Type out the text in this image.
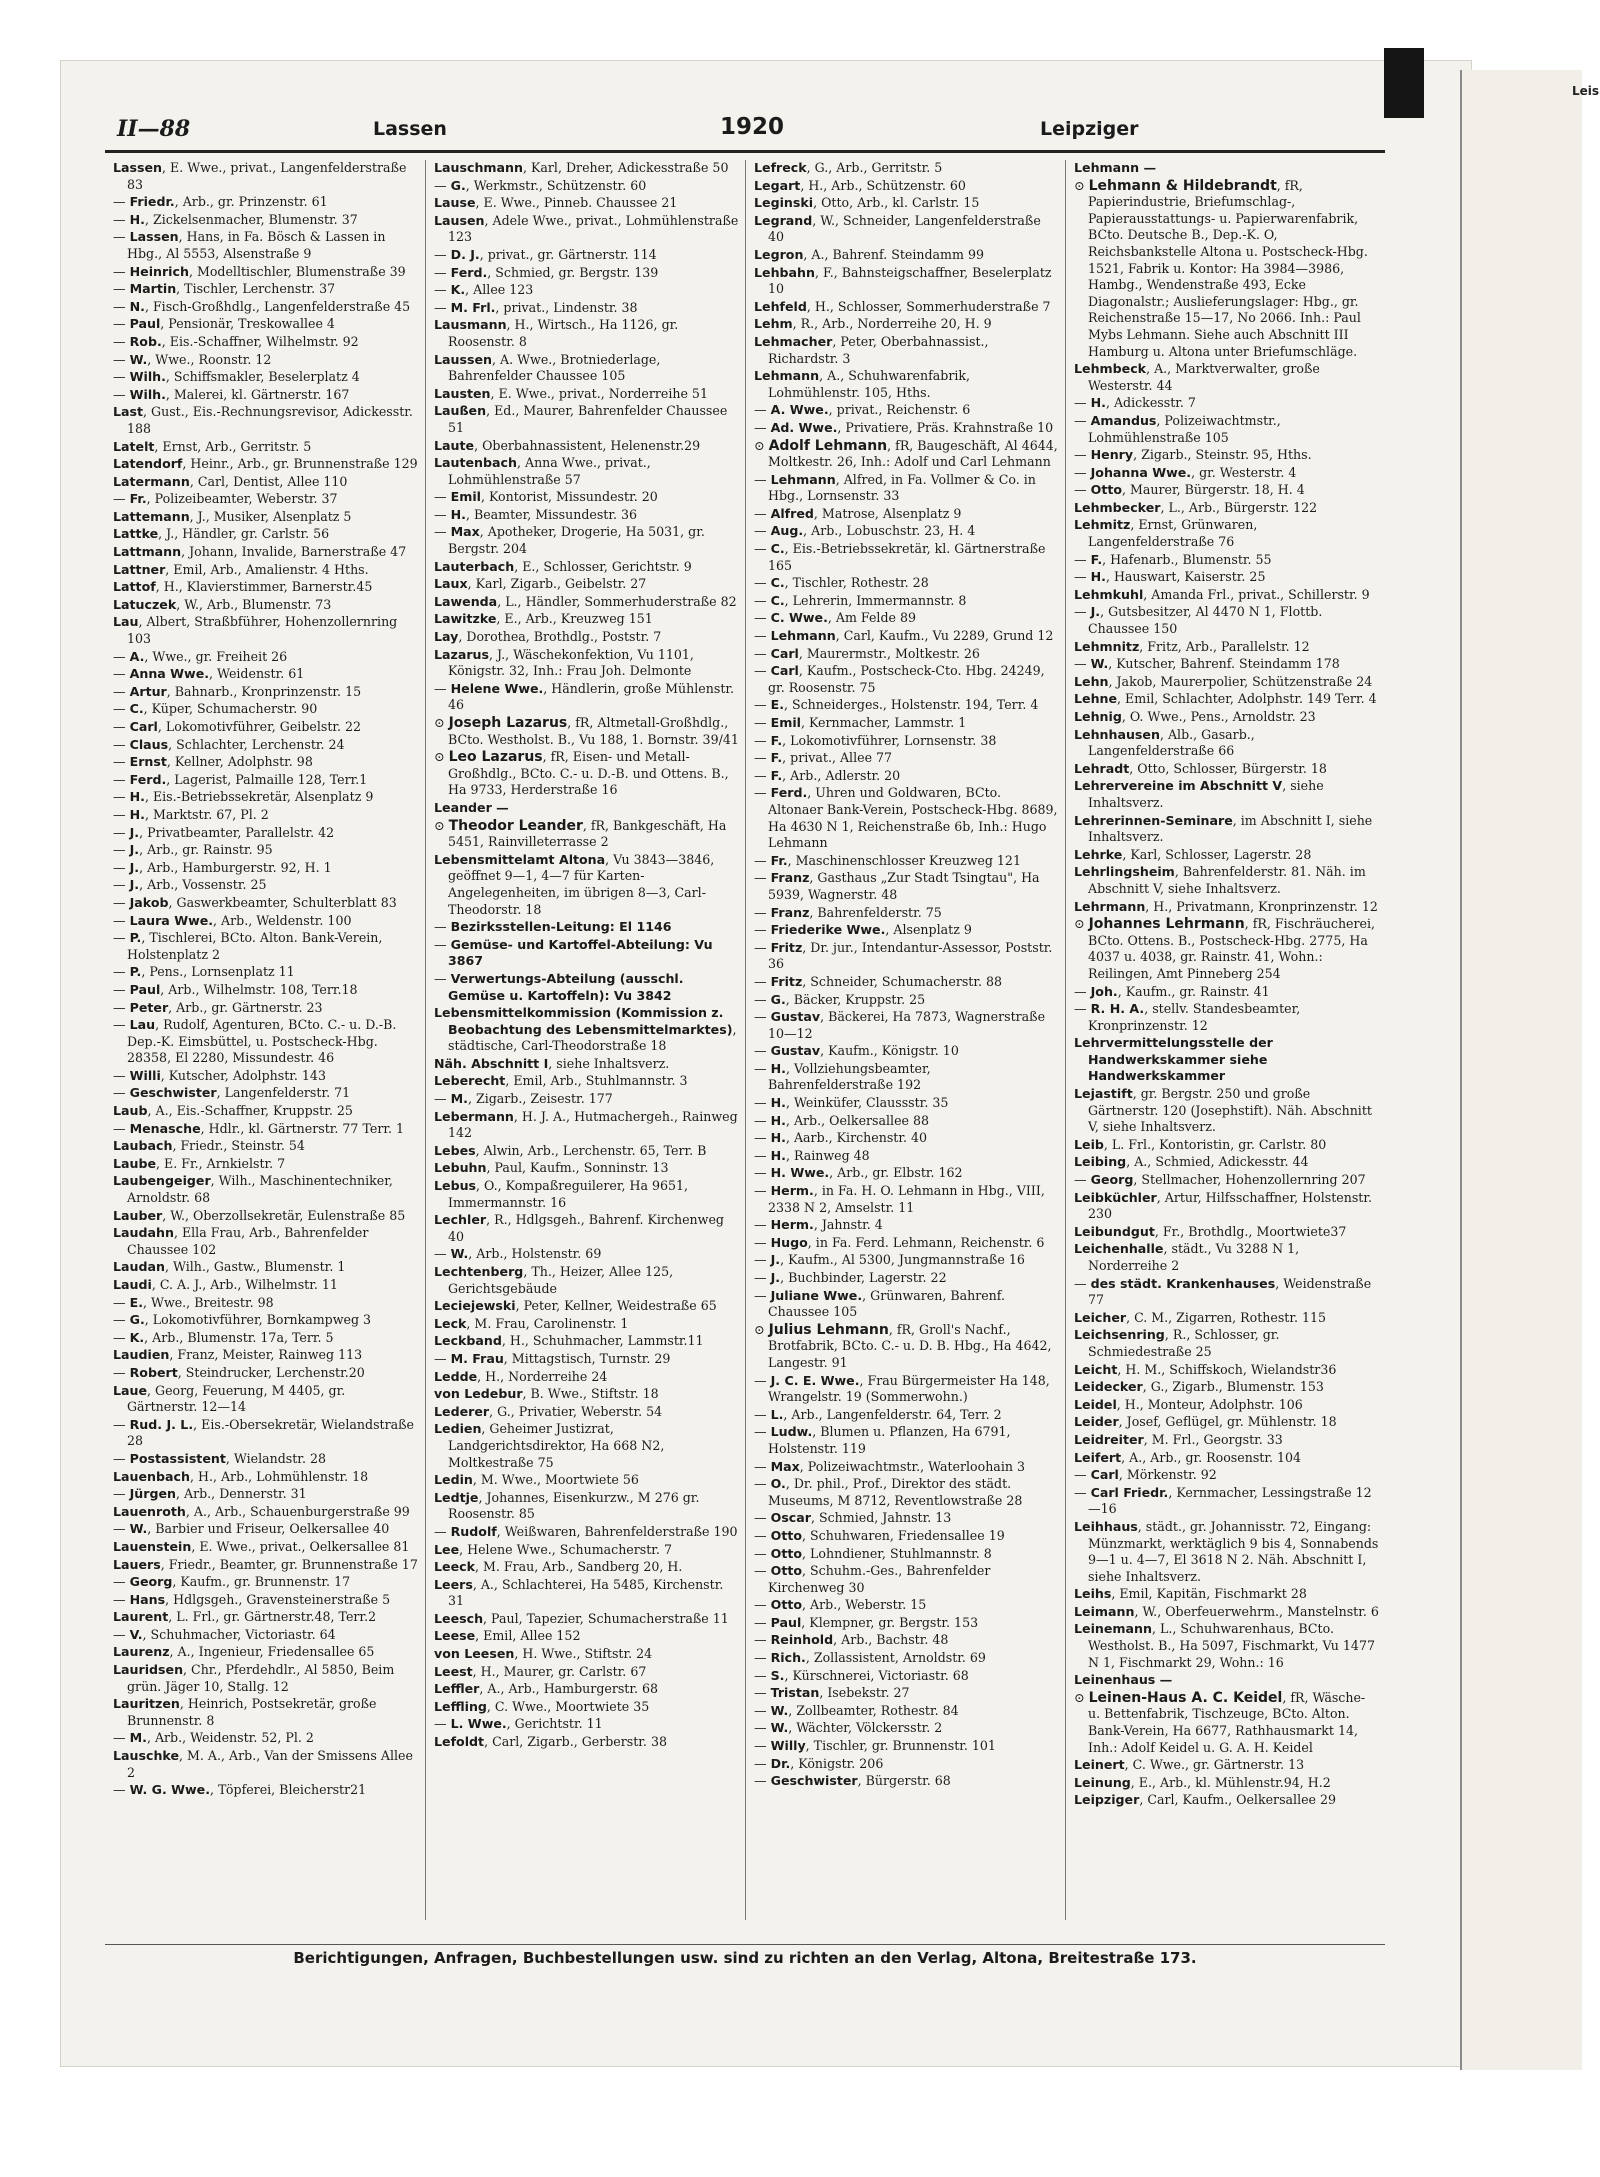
Leis
II—88	Lassen	1920	Leipziger
Lassen, E. Wwe., privat., Langenfelderstraße 83
— Friedr., Arb., gr. Prinzenstr. 61
— H., Zickelsenmacher, Blumenstr. 37
— Lassen, Hans, in Fa. Bösch & Lassen in Hbg., Al 5553, Alsenstraße 9
— Heinrich, Modelltischler, Blumenstraße 39
— Martin, Tischler, Lerchenstr. 37
— N., Fisch-Großhdlg., Langenfelderstraße 45
— Paul, Pensionär, Treskowallee 4
— Rob., Eis.-Schaffner, Wilhelmstr. 92
— W., Wwe., Roonstr. 12
— Wilh., Schiffsmakler, Beselerplatz 4
— Wilh., Malerei, kl. Gärtnerstr. 167
Last, Gust., Eis.-Rechnungsrevisor, Adickesstr. 188
Latelt, Ernst, Arb., Gerritstr. 5
Latendorf, Heinr., Arb., gr. Brunnenstraße 129
Latermann, Carl, Dentist, Allee 110
— Fr., Polizeibeamter, Weberstr. 37
Lattemann, J., Musiker, Alsenplatz 5
Lattke, J., Händler, gr. Carlstr. 56
Lattmann, Johann, Invalide, Barnerstraße 47
Lattner, Emil, Arb., Amalienstr. 4 Hths.
Lattof, H., Klavierstimmer, Barnerstr.45
Latuczek, W., Arb., Blumenstr. 73
Lau, Albert, Straßbführer, Hohenzollernring 103
— A., Wwe., gr. Freiheit 26
— Anna Wwe., Weidenstr. 61
— Artur, Bahnarb., Kronprinzenstr. 15
— C., Küper, Schumacherstr. 90
— Carl, Lokomotivführer, Geibelstr. 22
— Claus, Schlachter, Lerchenstr. 24
— Ernst, Kellner, Adolphstr. 98
— Ferd., Lagerist, Palmaille 128, Terr.1
— H., Eis.-Betriebssekretär, Alsenplatz 9
— H., Marktstr. 67, Pl. 2
— J., Privatbeamter, Parallelstr. 42
— J., Arb., gr. Rainstr. 95
— J., Arb., Hamburgerstr. 92, H. 1
— J., Arb., Vossenstr. 25
— Jakob, Gaswerkbeamter, Schulterblatt 83
— Laura Wwe., Arb., Weldenstr. 100
— P., Tischlerei, BCto. Alton. Bank-Verein, Holstenplatz 2
— P., Pens., Lornsenplatz 11
— Paul, Arb., Wilhelmstr. 108, Terr.18
— Peter, Arb., gr. Gärtnerstr. 23
— Lau, Rudolf, Agenturen, BCto. C.- u. D.-B. Dep.-K. Eimsbüttel, u. Postscheck-Hbg. 28358, El 2280, Missundestr. 46
— Willi, Kutscher, Adolphstr. 143
— Geschwister, Langenfelderstr. 71
Laub, A., Eis.-Schaffner, Kruppstr. 25
— Menasche, Hdlr., kl. Gärtnerstr. 77 Terr. 1
Laubach, Friedr., Steinstr. 54
Laube, E. Fr., Arnkielstr. 7
Laubengeiger, Wilh., Maschinentechniker, Arnoldstr. 68
Lauber, W., Oberzollsekretär, Eulenstraße 85
Laudahn, Ella Frau, Arb., Bahrenfelder Chaussee 102
Laudan, Wilh., Gastw., Blumenstr. 1
Laudi, C. A. J., Arb., Wilhelmstr. 11
— E., Wwe., Breitestr. 98
— G., Lokomotivführer, Bornkampweg 3
— K., Arb., Blumenstr. 17a, Terr. 5
Laudien, Franz, Meister, Rainweg 113
— Robert, Steindrucker, Lerchenstr.20
Laue, Georg, Feuerung, M 4405, gr. Gärtnerstr. 12—14
— Rud. J. L., Eis.-Obersekretär, Wielandstraße 28
— Postassistent, Wielandstr. 28
Lauenbach, H., Arb., Lohmühlenstr. 18
— Jürgen, Arb., Dennerstr. 31
Lauenroth, A., Arb., Schauenburgerstraße 99
— W., Barbier und Friseur, Oelkersallee 40
Lauenstein, E. Wwe., privat., Oelkersallee 81
Lauers, Friedr., Beamter, gr. Brunnenstraße 17
— Georg, Kaufm., gr. Brunnenstr. 17
— Hans, Hdlgsgeh., Gravensteinerstraße 5
Laurent, L. Frl., gr. Gärtnerstr.48, Terr.2
— V., Schuhmacher, Victoriastr. 64
Laurenz, A., Ingenieur, Friedensallee 65
Lauridsen, Chr., Pferdehdlr., Al 5850, Beim grün. Jäger 10, Stallg. 12
Lauritzen, Heinrich, Postsekretär, große Brunnenstr. 8
— M., Arb., Weidenstr. 52, Pl. 2
Lauschke, M. A., Arb., Van der Smissens Allee 2
— W. G. Wwe., Töpferei, Bleicherstr21
Lauschmann, Karl, Dreher, Adickesstraße 50
— G., Werkmstr., Schützenstr. 60
Lause, E. Wwe., Pinneb. Chaussee 21
Lausen, Adele Wwe., privat., Lohmühlenstraße 123
— D. J., privat., gr. Gärtnerstr. 114
— Ferd., Schmied, gr. Bergstr. 139
— K., Allee 123
— M. Frl., privat., Lindenstr. 38
Lausmann, H., Wirtsch., Ha 1126, gr. Roosenstr. 8
Laussen, A. Wwe., Brotniederlage, Bahrenfelder Chaussee 105
Lausten, E. Wwe., privat., Norderreihe 51
Laußen, Ed., Maurer, Bahrenfelder Chaussee 51
Laute, Oberbahnassistent, Helenenstr.29
Lautenbach, Anna Wwe., privat., Lohmühlenstraße 57
— Emil, Kontorist, Missundestr. 20
— H., Beamter, Missundestr. 36
— Max, Apotheker, Drogerie, Ha 5031, gr. Bergstr. 204
Lauterbach, E., Schlosser, Gerichtstr. 9
Laux, Karl, Zigarb., Geibelstr. 27
Lawenda, L., Händler, Sommerhuderstraße 82
Lawitzke, E., Arb., Kreuzweg 151
Lay, Dorothea, Brothdlg., Poststr. 7
Lazarus, J., Wäschekonfektion, Vu 1101, Königstr. 32, Inh.: Frau Joh. Delmonte
— Helene Wwe., Händlerin, große Mühlenstr. 46
⊙ Joseph Lazarus, fR, Altmetall-Großhdlg., BCto. Westholst. B., Vu 188, 1. Bornstr. 39/41
⊙ Leo Lazarus, fR, Eisen- und Metall-Großhdlg., BCto. C.- u. D.-B. und Ottens. B., Ha 9733, Herderstraße 16
Leander —
⊙ Theodor Leander, fR, Bankgeschäft, Ha 5451, Rainvilleterrasse 2
Lebensmittelamt Altona, Vu 3843—3846, geöffnet 9—1, 4—7 für Karten-Angelegenheiten, im übrigen 8—3, Carl-Theodorstr. 18
— Bezirksstellen-Leitung: El 1146
— Gemüse- und Kartoffel-Abteilung: Vu 3867
— Verwertungs-Abteilung (ausschl. Gemüse u. Kartoffeln): Vu 3842
Lebensmittelkommission (Kommission z. Beobachtung des Lebensmittelmarktes), städtische, Carl-Theodorstraße 18
Näh. Abschnitt I, siehe Inhaltsverz.
Leberecht, Emil, Arb., Stuhlmannstr. 3
— M., Zigarb., Zeisestr. 177
Lebermann, H. J. A., Hutmachergeh., Rainweg 142
Lebes, Alwin, Arb., Lerchenstr. 65, Terr. B
Lebuhn, Paul, Kaufm., Sonninstr. 13
Lebus, O., Kompaßreguilerer, Ha 9651, Immermannstr. 16
Lechler, R., Hdlgsgeh., Bahrenf. Kirchenweg 40
— W., Arb., Holstenstr. 69
Lechtenberg, Th., Heizer, Allee 125, Gerichtsgebäude
Leciejewski, Peter, Kellner, Weidestraße 65
Leck, M. Frau, Carolinenstr. 1
Leckband, H., Schuhmacher, Lammstr.11
— M. Frau, Mittagstisch, Turnstr. 29
Ledde, H., Norderreihe 24
von Ledebur, B. Wwe., Stiftstr. 18
Lederer, G., Privatier, Weberstr. 54
Ledien, Geheimer Justizrat, Landgerichtsdirektor, Ha 668 N2, Moltkestraße 75
Ledin, M. Wwe., Moortwiete 56
Ledtje, Johannes, Eisenkurzw., M 276 gr. Roosenstr. 85
— Rudolf, Weißwaren, Bahrenfelderstraße 190
Lee, Helene Wwe., Schumacherstr. 7
Leeck, M. Frau, Arb., Sandberg 20, H.
Leers, A., Schlachterei, Ha 5485, Kirchenstr. 31
Leesch, Paul, Tapezier, Schumacherstraße 11
Leese, Emil, Allee 152
von Leesen, H. Wwe., Stiftstr. 24
Leest, H., Maurer, gr. Carlstr. 67
Leffler, A., Arb., Hamburgerstr. 68
Leffling, C. Wwe., Moortwiete 35
— L. Wwe., Gerichtstr. 11
Lefoldt, Carl, Zigarb., Gerberstr. 38
Lefreck, G., Arb., Gerritstr. 5
Legart, H., Arb., Schützenstr. 60
Leginski, Otto, Arb., kl. Carlstr. 15
Legrand, W., Schneider, Langenfelderstraße 40
Legron, A., Bahrenf. Steindamm 99
Lehbahn, F., Bahnsteigschaffner, Beselerplatz 10
Lehfeld, H., Schlosser, Sommerhuderstraße 7
Lehm, R., Arb., Norderreihe 20, H. 9
Lehmacher, Peter, Oberbahnassist., Richardstr. 3
Lehmann, A., Schuhwarenfabrik, Lohmühlenstr. 105, Hths.
— A. Wwe., privat., Reichenstr. 6
— Ad. Wwe., Privatiere, Präs. Krahnstraße 10
⊙ Adolf Lehmann, fR, Baugeschäft, Al 4644, Moltkestr. 26, Inh.: Adolf und Carl Lehmann
— Lehmann, Alfred, in Fa. Vollmer & Co. in Hbg., Lornsenstr. 33
— Alfred, Matrose, Alsenplatz 9
— Aug., Arb., Lobuschstr. 23, H. 4
— C., Eis.-Betriebssekretär, kl. Gärtnerstraße 165
— C., Tischler, Rothestr. 28
— C., Lehrerin, Immermannstr. 8
— C. Wwe., Am Felde 89
— Lehmann, Carl, Kaufm., Vu 2289, Grund 12
— Carl, Maurermstr., Moltkestr. 26
— Carl, Kaufm., Postscheck-Cto. Hbg. 24249, gr. Roosenstr. 75
— E., Schneiderges., Holstenstr. 194, Terr. 4
— Emil, Kernmacher, Lammstr. 1
— F., Lokomotivführer, Lornsenstr. 38
— F., privat., Allee 77
— F., Arb., Adlerstr. 20
— Ferd., Uhren und Goldwaren, BCto. Altonaer Bank-Verein, Postscheck-Hbg. 8689, Ha 4630 N 1, Reichenstraße 6b, Inh.: Hugo Lehmann
— Fr., Maschinenschlosser Kreuzweg 121
— Franz, Gasthaus „Zur Stadt Tsingtau", Ha 5939, Wagnerstr. 48
— Franz, Bahrenfelderstr. 75
— Friederike Wwe., Alsenplatz 9
— Fritz, Dr. jur., Intendantur-Assessor, Poststr. 36
— Fritz, Schneider, Schumacherstr. 88
— G., Bäcker, Kruppstr. 25
— Gustav, Bäckerei, Ha 7873, Wagnerstraße 10—12
— Gustav, Kaufm., Königstr. 10
— H., Vollziehungsbeamter, Bahrenfelderstraße 192
— H., Weinküfer, Claussstr. 35
— H., Arb., Oelkersallee 88
— H., Aarb., Kirchenstr. 40
— H., Rainweg 48
— H. Wwe., Arb., gr. Elbstr. 162
— Herm., in Fa. H. O. Lehmann in Hbg., VIII, 2338 N 2, Amselstr. 11
— Herm., Jahnstr. 4
— Hugo, in Fa. Ferd. Lehmann, Reichenstr. 6
— J., Kaufm., Al 5300, Jungmannstraße 16
— J., Buchbinder, Lagerstr. 22
— Juliane Wwe., Grünwaren, Bahrenf. Chaussee 105
⊙ Julius Lehmann, fR, Groll's Nachf., Brotfabrik, BCto. C.- u. D. B. Hbg., Ha 4642, Langestr. 91
— J. C. E. Wwe., Frau Bürgermeister Ha 148, Wrangelstr. 19 (Sommerwohn.)
— L., Arb., Langenfelderstr. 64, Terr. 2
— Ludw., Blumen u. Pflanzen, Ha 6791, Holstenstr. 119
— Max, Polizeiwachtmstr., Waterloohain 3
— O., Dr. phil., Prof., Direktor des städt. Museums, M 8712, Reventlowstraße 28
— Oscar, Schmied, Jahnstr. 13
— Otto, Schuhwaren, Friedensallee 19
— Otto, Lohndiener, Stuhlmannstr. 8
— Otto, Schuhm.-Ges., Bahrenfelder Kirchenweg 30
— Otto, Arb., Weberstr. 15
— Paul, Klempner, gr. Bergstr. 153
— Reinhold, Arb., Bachstr. 48
— Rich., Zollassistent, Arnoldstr. 69
— S., Kürschnerei, Victoriastr. 68
— Tristan, Isebekstr. 27
— W., Zollbeamter, Rothestr. 84
— W., Wächter, Völckersstr. 2
— Willy, Tischler, gr. Brunnenstr. 101
— Dr., Königstr. 206
— Geschwister, Bürgerstr. 68
Lehmann —
⊙ Lehmann & Hildebrandt, fR, Papierindustrie, Briefumschlag-, Papierausstattungs- u. Papierwarenfabrik, BCto. Deutsche B., Dep.-K. O, Reichsbankstelle Altona u. Postscheck-Hbg. 1521, Fabrik u. Kontor: Ha 3984—3986, Hambg., Wendenstraße 493, Ecke Diagonalstr.; Auslieferungslager: Hbg., gr. Reichenstraße 15—17, No 2066. Inh.: Paul Mybs Lehmann. Siehe auch Abschnitt III Hamburg u. Altona unter Briefumschläge.
Lehmbeck, A., Marktverwalter, große Westerstr. 44
— H., Adickesstr. 7
— Amandus, Polizeiwachtmstr., Lohmühlenstraße 105
— Henry, Zigarb., Steinstr. 95, Hths.
— Johanna Wwe., gr. Westerstr. 4
— Otto, Maurer, Bürgerstr. 18, H. 4
Lehmbecker, L., Arb., Bürgerstr. 122
Lehmitz, Ernst, Grünwaren, Langenfelderstraße 76
— F., Hafenarb., Blumenstr. 55
— H., Hauswart, Kaiserstr. 25
Lehmkuhl, Amanda Frl., privat., Schillerstr. 9
— J., Gutsbesitzer, Al 4470 N 1, Flottb. Chaussee 150
Lehmnitz, Fritz, Arb., Parallelstr. 12
— W., Kutscher, Bahrenf. Steindamm 178
Lehn, Jakob, Maurerpolier, Schützenstraße 24
Lehne, Emil, Schlachter, Adolphstr. 149 Terr. 4
Lehnig, O. Wwe., Pens., Arnoldstr. 23
Lehnhausen, Alb., Gasarb., Langenfelderstraße 66
Lehradt, Otto, Schlosser, Bürgerstr. 18
Lehrervereine im Abschnitt V, siehe Inhaltsverz.
Lehrerinnen-Seminare, im Abschnitt I, siehe Inhaltsverz.
Lehrke, Karl, Schlosser, Lagerstr. 28
Lehrlingsheim, Bahrenfelderstr. 81. Näh. im Abschnitt V, siehe Inhaltsverz.
Lehrmann, H., Privatmann, Kronprinzenstr. 12
⊙ Johannes Lehrmann, fR, Fischräucherei, BCto. Ottens. B., Postscheck-Hbg. 2775, Ha 4037 u. 4038, gr. Rainstr. 41, Wohn.: Reilingen, Amt Pinneberg 254
— Joh., Kaufm., gr. Rainstr. 41
— R. H. A., stellv. Standesbeamter, Kronprinzenstr. 12
Lehrvermittelungsstelle der Handwerkskammer siehe Handwerkskammer
Lejastift, gr. Bergstr. 250 und große Gärtnerstr. 120 (Josephstift). Näh. Abschnitt V, siehe Inhaltsverz.
Leib, L. Frl., Kontoristin, gr. Carlstr. 80
Leibing, A., Schmied, Adickesstr. 44
— Georg, Stellmacher, Hohenzollernring 207
Leibküchler, Artur, Hilfsschaffner, Holstenstr. 230
Leibundgut, Fr., Brothdlg., Moortwiete37
Leichenhalle, städt., Vu 3288 N 1, Norderreihe 2
— des städt. Krankenhauses, Weidenstraße 77
Leicher, C. M., Zigarren, Rothestr. 115
Leichsenring, R., Schlosser, gr. Schmiedestraße 25
Leicht, H. M., Schiffskoch, Wielandstr36
Leidecker, G., Zigarb., Blumenstr. 153
Leidel, H., Monteur, Adolphstr. 106
Leider, Josef, Geflügel, gr. Mühlenstr. 18
Leidreiter, M. Frl., Georgstr. 33
Leifert, A., Arb., gr. Roosenstr. 104
— Carl, Mörkenstr. 92
— Carl Friedr., Kernmacher, Lessingstraße 12—16
Leihhaus, städt., gr. Johannisstr. 72, Eingang: Münzmarkt, werktäglich 9 bis 4, Sonnabends 9—1 u. 4—7, El 3618 N 2. Näh. Abschnitt I, siehe Inhaltsverz.
Leihs, Emil, Kapitän, Fischmarkt 28
Leimann, W., Oberfeuerwehrm., Manstelnstr. 6
Leinemann, L., Schuhwarenhaus, BCto. Westholst. B., Ha 5097, Fischmarkt, Vu 1477 N 1, Fischmarkt 29, Wohn.: 16
Leinenhaus —
⊙ Leinen-Haus A. C. Keidel, fR, Wäsche- u. Bettenfabrik, Tischzeuge, BCto. Alton. Bank-Verein, Ha 6677, Rathhausmarkt 14, Inh.: Adolf Keidel u. G. A. H. Keidel
Leinert, C. Wwe., gr. Gärtnerstr. 13
Leinung, E., Arb., kl. Mühlenstr.94, H.2
Leipziger, Carl, Kaufm., Oelkersallee 29
Berichtigungen, Anfragen, Buchbestellungen usw. sind zu richten an den Verlag, Altona, Breitestraße 173.
